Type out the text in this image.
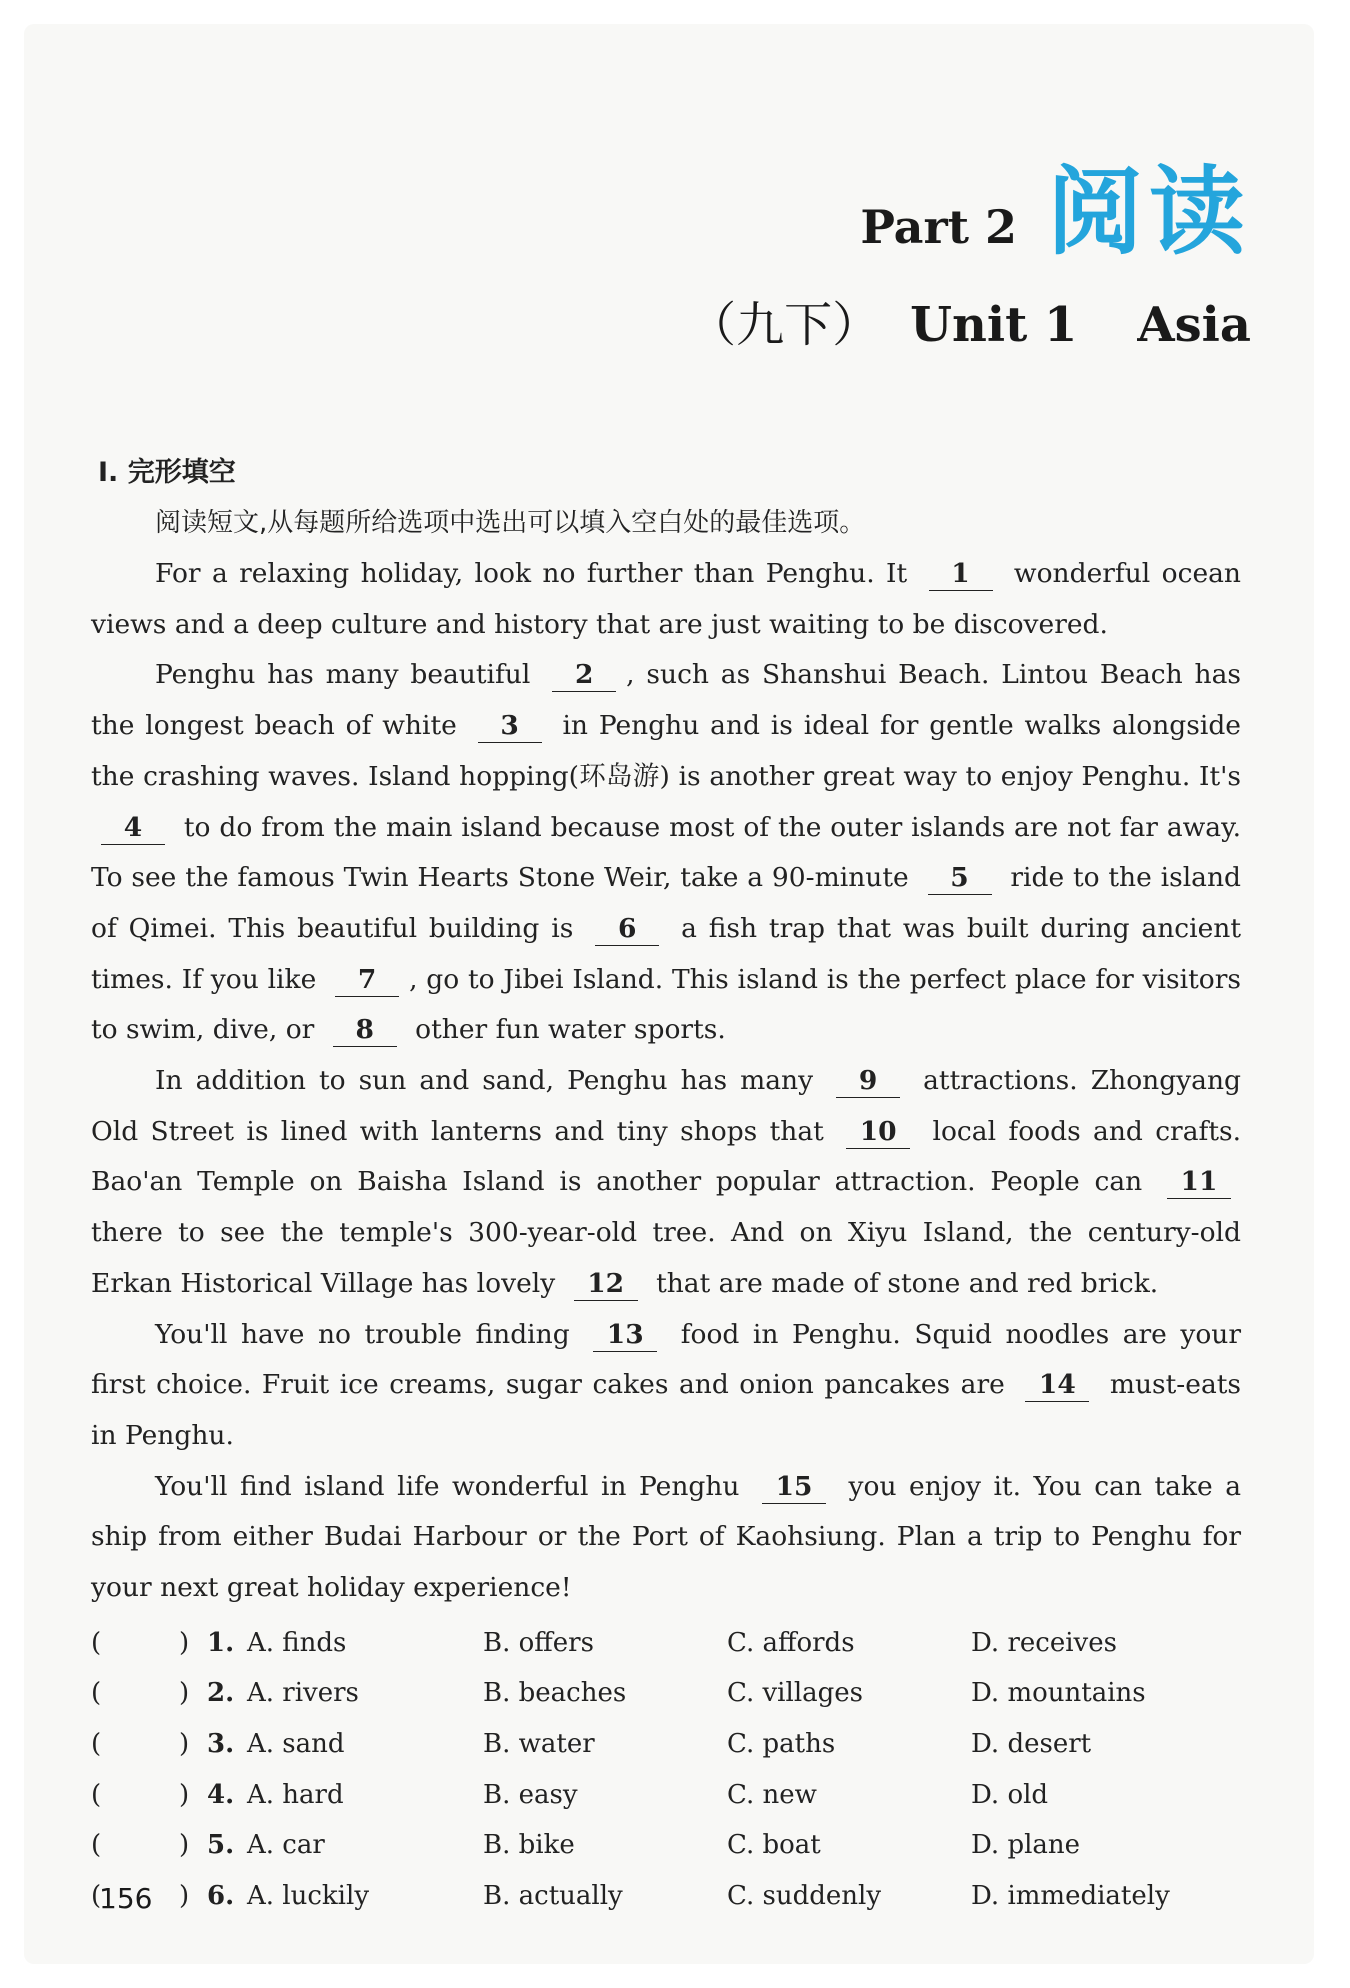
Part 2 阅读
（九下） Unit 1 Asia
Ⅰ. 完形填空
阅读短文,从每题所给选项中选出可以填入空白处的最佳选项。

For a relaxing holiday, look no further than Penghu. It 1 wonderful ocean views and a deep culture and history that are just waiting to be discovered.

Penghu has many beautiful 2 , such as Shanshui Beach. Lintou Beach has the longest beach of white 3 in Penghu and is ideal for gentle walks alongside the crashing waves. Island hopping(环岛游) is another great way to enjoy Penghu. It's 4 to do from the main island because most of the outer islands are not far away. To see the famous Twin Hearts Stone Weir, take a 90-minute 5 ride to the island of Qimei. This beautiful building is 6 a fish trap that was built during ancient times. If you like 7 , go to Jibei Island. This island is the perfect place for visitors to swim, dive, or 8 other fun water sports.

In addition to sun and sand, Penghu has many 9 attractions. Zhongyang Old Street is lined with lanterns and tiny shops that 10 local foods and crafts. Bao'an Temple on Baisha Island is another popular attraction. People can 11 there to see the temple's 300-year-old tree. And on Xiyu Island, the century-old Erkan Historical Village has lovely 12 that are made of stone and red brick.

You'll have no trouble finding 13 food in Penghu. Squid noodles are your first choice. Fruit ice creams, sugar cakes and onion pancakes are 14 must-eats in Penghu.

You'll find island life wonderful in Penghu 15 you enjoy it. You can take a ship from either Budai Harbour or the Port of Kaohsiung. Plan a trip to Penghu for your next great holiday experience!

(	) 1. A. finds	B. offers	C. affords	D. receives
(	) 2. A. rivers	B. beaches	C. villages	D. mountains
(	) 3. A. sand	B. water	C. paths	D. desert
(	) 4. A. hard	B. easy	C. new	D. old
(	) 5. A. car	B. bike	C. boat	D. plane
(	) 6. A. luckily	B. actually	C. suddenly	D. immediately
156
